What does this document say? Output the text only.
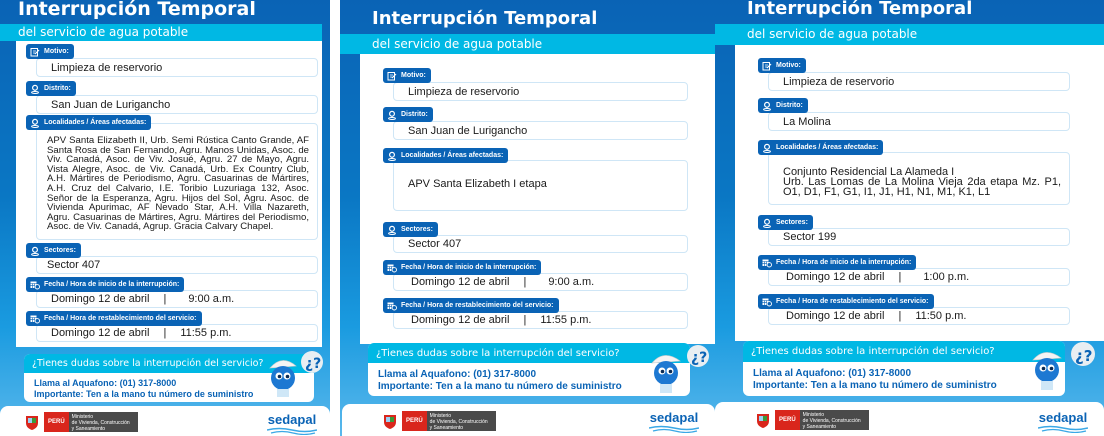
Interrupción Temporal
del servicio de agua potable
Motivo:
Limpieza de reservorio
Distrito:
San Juan de Lurigancho
Localidades / Áreas afectadas:
APV Santa Elizabeth II, Urb. Semi Rústica Canto Grande, AF Santa Rosa de San Fernando, Agru. Manos Unidas, Asoc. de Viv. Canadá, Asoc. de Viv. Josué, Agru. 27 de Mayo, Agru. Vista Alegre, Asoc. de Viv. Canadá, Urb. Ex Country Club, A.H. Mártires de Periodismo, Agru. Casuarinas de Mártires, A.H. Cruz del Calvario, I.E. Toribio Luzuriaga 132, Asoc. Señor de la Esperanza, Agru. Hijos del Sol, Agru. Asoc. de Vivienda Apurimac, AF Nevado Star, A.H. Villa Nazareth, Agru. Casuarinas de Mártires, Agru. Mártires del Periodismo, Asoc. de Viv. Canadá, Agrup. Gracia Calvary Chapel.
Sectores:
Sector 407
Fecha / Hora de inicio de la interrupción:
Domingo 12 de abril | 9:00 a.m.
Fecha / Hora de restablecimiento del servicio:
Domingo 12 de abril | 11:55 p.m.
¿Tienes dudas sobre la interrupción del servicio?
Llama al Aquafono: (01) 317-8000
Importante: Ten a la mano tu número de suministro
¿?
PERÚ
Ministerio
de Vivienda, Construcción
y Saneamiento
sedapal
Interrupción Temporal
del servicio de agua potable
Motivo:
Limpieza de reservorio
Distrito:
San Juan de Lurigancho
Localidades / Áreas afectadas:
APV Santa Elizabeth I etapa
Sectores:
Sector 407
Fecha / Hora de inicio de la interrupción:
Domingo 12 de abril | 9:00 a.m.
Fecha / Hora de restablecimiento del servicio:
Domingo 12 de abril | 11:55 p.m.
¿Tienes dudas sobre la interrupción del servicio?
Llama al Aquafono: (01) 317-8000
Importante: Ten a la mano tu número de suministro
¿?
PERÚ
Ministerio
de Vivienda, Construcción
y Saneamiento
sedapal
Interrupción Temporal
del servicio de agua potable
Motivo:
Limpieza de reservorio
Distrito:
La Molina
Localidades / Áreas afectadas:
Conjunto Residencial La Alameda I
Urb. Las Lomas de La Molina Vieja 2da etapa Mz. P1, O1, D1, F1, G1, I1, J1, H1, N1, M1, K1, L1
Sectores:
Sector 199
Fecha / Hora de inicio de la interrupción:
Domingo 12 de abril | 1:00 p.m.
Fecha / Hora de restablecimiento del servicio:
Domingo 12 de abril | 11:50 p.m.
¿Tienes dudas sobre la interrupción del servicio?
Llama al Aquafono: (01) 317-8000
Importante: Ten a la mano tu número de suministro
¿?
PERÚ
Ministerio
de Vivienda, Construcción
y Saneamiento
sedapal
